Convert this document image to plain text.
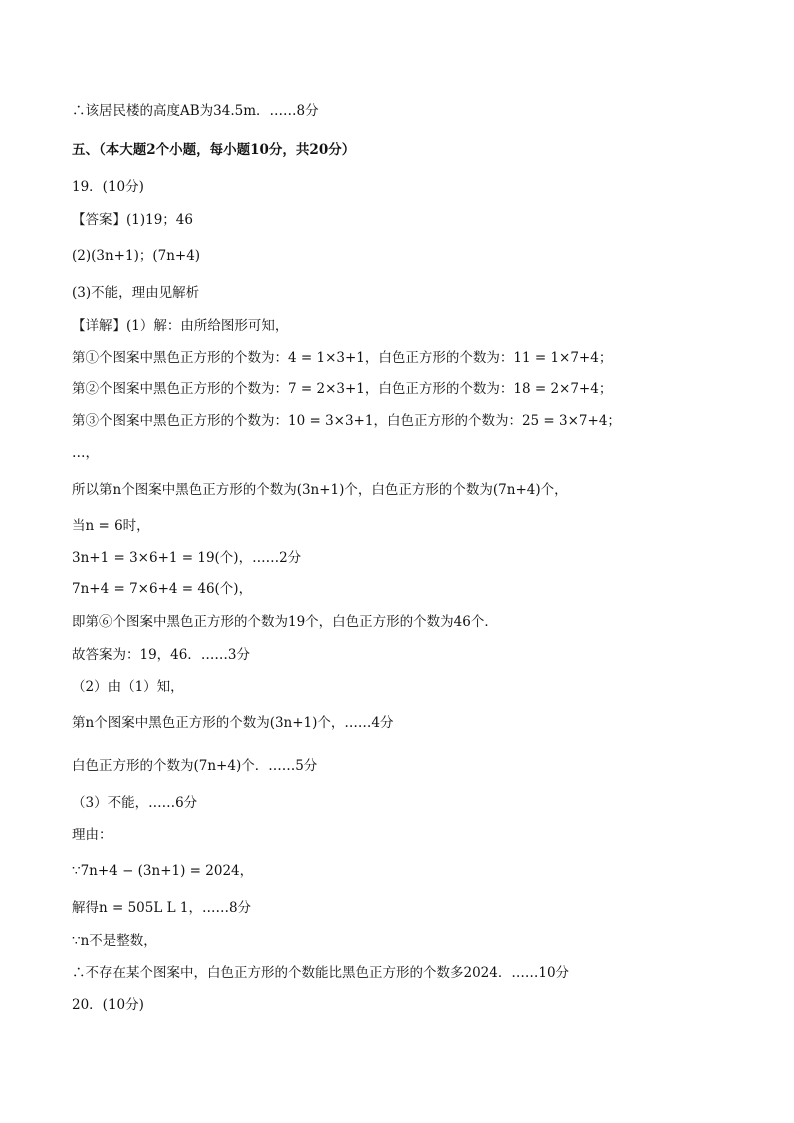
∴该居民楼的高度AB为34.5m．……8分
五、（本大题2个小题，每小题10分，共20分）
19．(10分)
【答案】(1)19；46
(2)(3n+1)；(7n+4)
(3)不能，理由见解析
【详解】(1）解：由所给图形可知，
第①个图案中黑色正方形的个数为：4 = 1×3+1，白色正方形的个数为：11 = 1×7+4；
第②个图案中黑色正方形的个数为：7 = 2×3+1，白色正方形的个数为：18 = 2×7+4；
第③个图案中黑色正方形的个数为：10 = 3×3+1，白色正方形的个数为：25 = 3×7+4；
…，
所以第n个图案中黑色正方形的个数为(3n+1)个，白色正方形的个数为(7n+4)个，
当n = 6时，
3n+1 = 3×6+1 = 19(个)，……2分
7n+4 = 7×6+4 = 46(个)，
即第⑥个图案中黑色正方形的个数为19个，白色正方形的个数为46个．
故答案为：19，46．……3分
（2）由（1）知，
第n个图案中黑色正方形的个数为(3n+1)个，……4分
白色正方形的个数为(7n+4)个．……5分
（3）不能，……6分
理由：
∵7n+4 − (3n+1) = 2024，
解得n = 505L L 1，……8分
∵n不是整数，
∴不存在某个图案中，白色正方形的个数能比黑色正方形的个数多2024．……10分
20．(10分)
